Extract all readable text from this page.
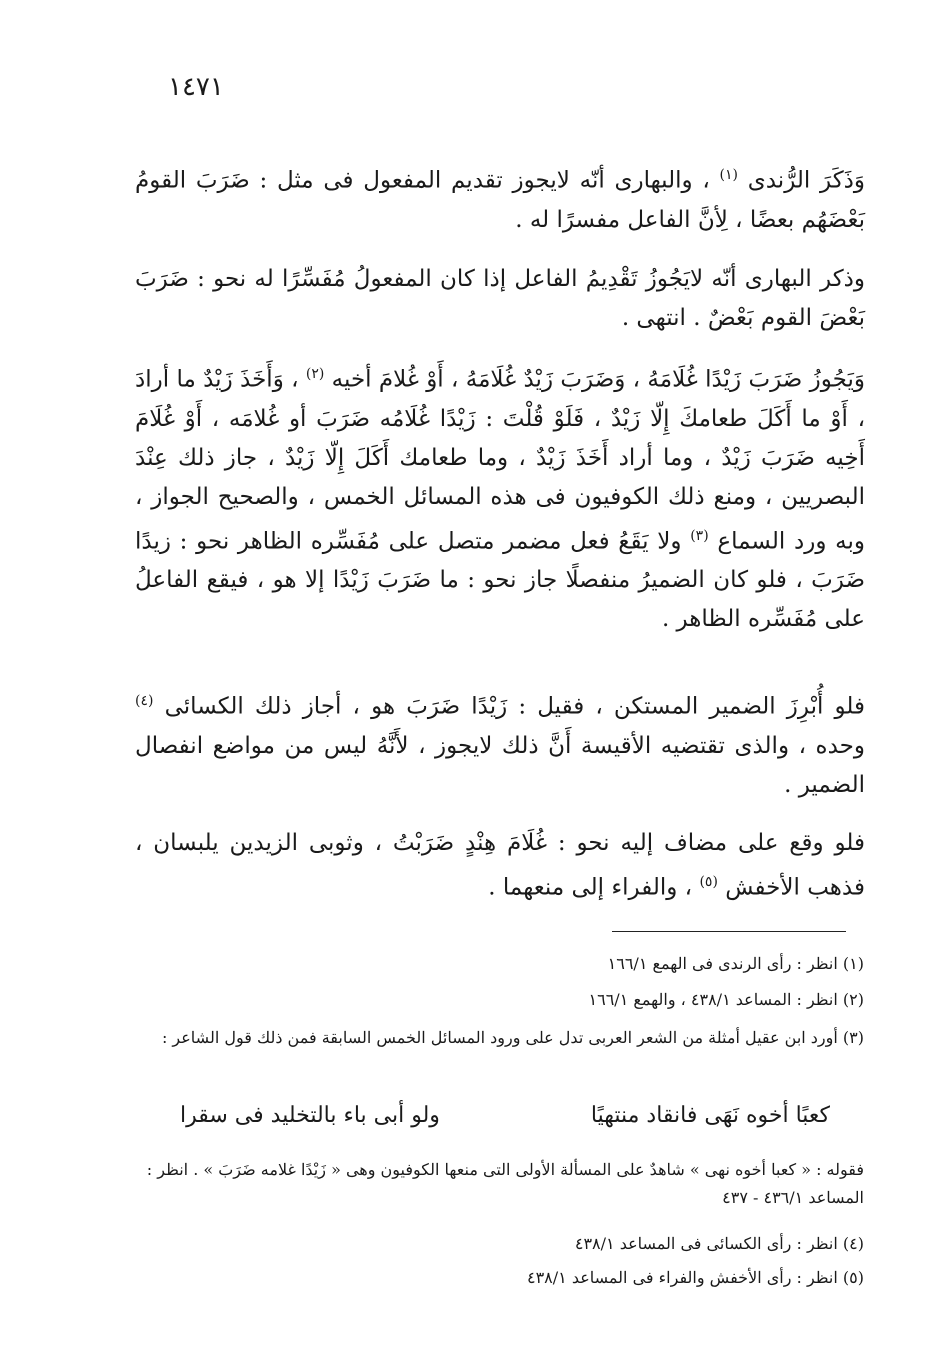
١٤٧١

وَذَكَرَ الرُّندى $^{(١)}$ ، والبهارى أنّه لايجوز تقديم المفعول فى مثل : ضَرَبَ القومُ بَعْضَهُم بعضًا ، لِأنَّ الفاعل مفسرًا له .

وذكر البهارى أنّه لايَجُوزُ تَقْدِيمُ الفاعل إذا كان المفعولُ مُفَسِّرًا له نحو : ضَرَبَ بَعْضَ القوم بَعْضٌ . انتهى .

وَيَجُوزُ ضَرَبَ زَيْدًا غُلَامَهُ ، وَضَرَبَ زَيْدٌ غُلَامَهُ ، أَوْ غُلامَ أخيه $^{(٢)}$ ، وَأَخَذَ زَيْدٌ ما أرادَ ، أَوْ ما أَكَلَ طعامكَ إِلّا زَيْدٌ ، فَلَوْ قُلْتَ : زَيْدًا غُلَامُه ضَرَبَ أو غُلامَه ، أَوْ غُلَامَ أَخِيه ضَرَبَ زَيْدٌ ، وما أراد أَخَذَ زَيْدٌ ، وما طعامك أَكَلَ إِلّا زَيْدٌ ، جاز ذلك عِنْدَ البصريين ، ومنع ذلك الكوفيون فى هذه المسائل الخمس ، والصحيح الجواز ، وبه ورد السماع $^{(٣)}$ ولا يَقَعُ فعل مضمر متصل على مُفَسِّره الظاهر نحو : زيدًا ضَرَبَ ، فلو كان الضميرُ منفصلًا جاز نحو : ما ضَرَبَ زَيْدًا إلا هو ، فيقع الفاعلُ على مُفَسِّره الظاهر .

فلو أُبْرِزَ الضمير المستكن ، فقيل : زَيْدًا ضَرَبَ هو ، أجاز ذلك الكسائى $^{(٤)}$ وحده ، والذى تقتضيه الأقيسة أَنَّ ذلك لايجوز ، لأَنَّهُ ليس من مواضع انفصال الضمير .

فلو وقع على مضاف إليه نحو : غُلَامَ هِنْدٍ ضَرَبْتُ ، وثوبى الزيدين يلبسان ، فذهب الأخفش $^{(٥)}$ ، والفراء إلى منعهما .

(١) انظر : رأى الرندى فى الهمع ١٦٦/١

(٢) انظر : المساعد ٤٣٨/١ ، والهمع ١٦٦/١

(٣) أورد ابن عقيل أمثلة من الشعر العربى تدل على ورود المسائل الخمس السابقة فمن ذلك قول الشاعر :

كعبًا أخوه نَهَى فانقاد منتهيًا
ولو أبى باء بالتخليد فى سقرا

فقوله : « كعبا أخوه نهى » شاهدٌ على المسألة الأولى التى منعها الكوفيون وهى « زَيْدًا غلامه ضَرَبَ » . انظر : المساعد ٤٣٦/١ - ٤٣٧

(٤) انظر : رأى الكسائى فى المساعد ٤٣٨/١

(٥) انظر : رأى الأخفش والفراء فى المساعد ٤٣٨/١
